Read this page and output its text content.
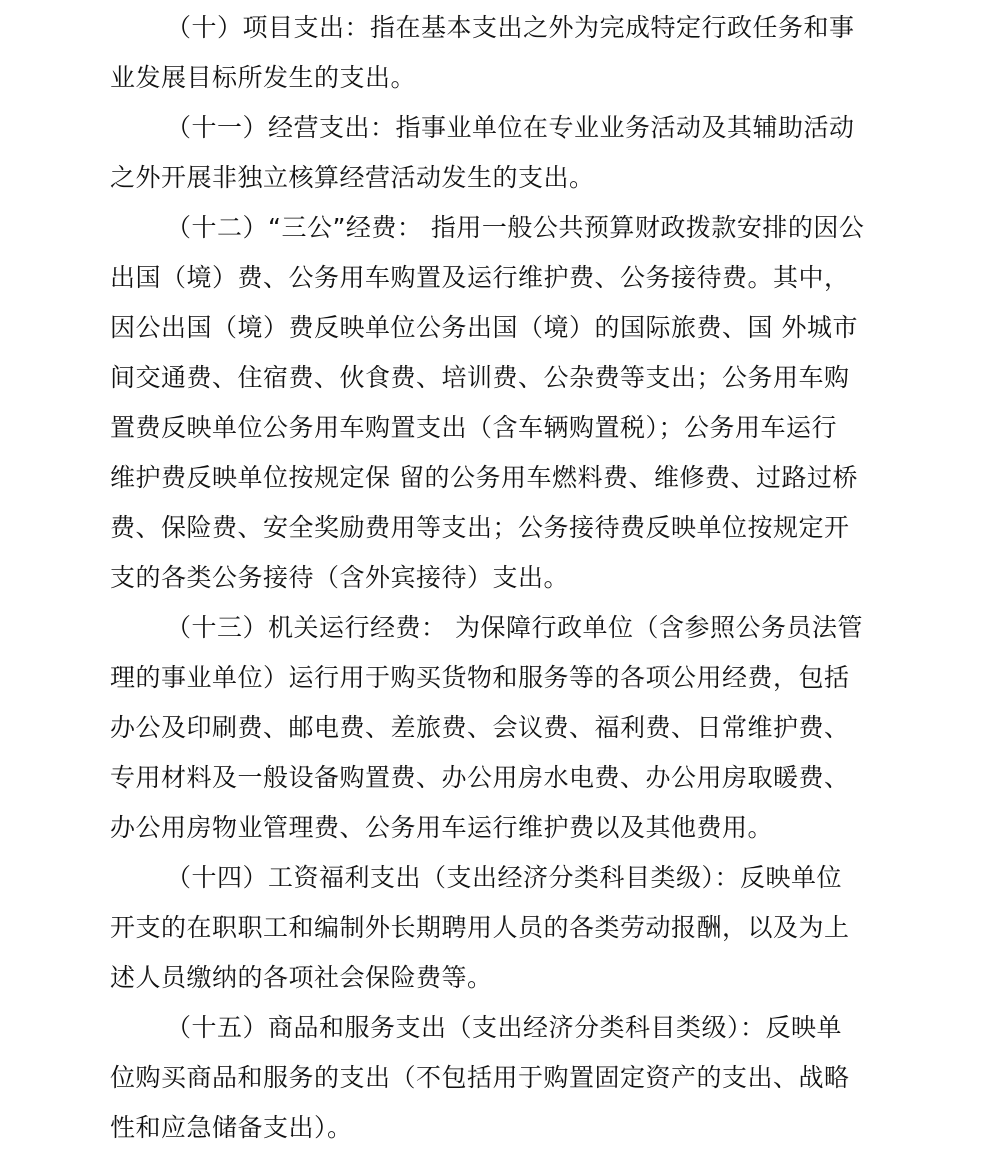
（十）项目支出：指在基本支出之外为完成特定行政任务和事
业发展目标所发生的支出。
（十一）经营支出：指事业单位在专业业务活动及其辅助活动
之外开展非独立核算经营活动发生的支出。
（十二）“三公”经费： 指用一般公共预算财政拨款安排的因公
出国（境）费、公务用车购置及运行维护费、公务接待费。其中，
因公出国（境）费反映单位公务出国（境）的国际旅费、国 外城市
间交通费、住宿费、伙食费、培训费、公杂费等支出；公务用车购
置费反映单位公务用车购置支出（含车辆购置税）；公务用车运行
维护费反映单位按规定保 留的公务用车燃料费、维修费、过路过桥
费、保险费、安全奖励费用等支出；公务接待费反映单位按规定开
支的各类公务接待（含外宾接待）支出。
（十三）机关运行经费： 为保障行政单位（含参照公务员法管
理的事业单位）运行用于购买货物和服务等的各项公用经费，包括
办公及印刷费、邮电费、差旅费、会议费、福利费、日常维护费、
专用材料及一般设备购置费、办公用房水电费、办公用房取暖费、
办公用房物业管理费、公务用车运行维护费以及其他费用。
（十四）工资福利支出（支出经济分类科目类级）：反映单位
开支的在职职工和编制外长期聘用人员的各类劳动报酬，以及为上
述人员缴纳的各项社会保险费等。
（十五）商品和服务支出（支出经济分类科目类级）：反映单
位购买商品和服务的支出（不包括用于购置固定资产的支出、战略
性和应急储备支出）。
